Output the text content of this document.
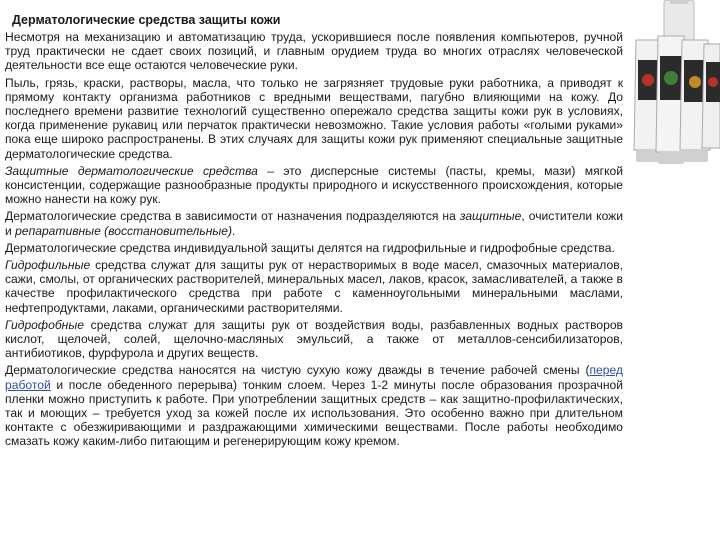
Дерматологические средства защиты кожи

Несмотря на механизацию и автоматизацию труда, ускорившиеся после появления компьютеров, ручной труд практически не сдает своих позиций, и главным орудием труда во многих отраслях человеческой деятельности все еще остаются человеческие руки.

Пыль, грязь, краски, растворы, масла, что только не загрязняет трудовые руки работника, а приводят к прямому контакту организма работников с вредными веществами, пагубно влияющими на кожу. До последнего времени развитие технологий существенно опережало средства защиты кожи рук в условиях, когда применение рукавиц или перчаток практически невозможно. Такие условия работы «голыми руками» пока еще широко распространены. В этих случаях для защиты кожи рук применяют специальные защитные дерматологические средства.

Защитные дерматологические средства – это дисперсные системы (пасты, кремы, мази) мягкой консистенции, содержащие разнообразные продукты природного и искусственного происхождения, которые можно нанести на кожу рук.

Дерматологические средства в зависимости от назначения подразделяются на защитные, очистители кожи и репаративные (восстановительные).

Дерматологические средства индивидуальной защиты делятся на гидрофильные и гидрофобные средства.

Гидрофильные средства служат для защиты рук от нерастворимых в воде масел, смазочных материалов, сажи, смолы, от органических растворителей, минеральных масел, лаков, красок, замасливателей, а также в качестве профилактического средства при работе с каменноугольными минеральными маслами, нефтепродуктами, лаками, органическими растворителями.

Гидрофобные средства служат для защиты рук от воздействия воды, разбавленных водных растворов кислот, щелочей, солей, щелочно-масляных эмульсий, а также от металлов-сенсибилизаторов, антибиотиков, фурфурола и других веществ.

Дерматологические средства наносятся на чистую сухую кожу дважды в течение рабочей смены (перед работой и после обеденного перерыва) тонким слоем. Через 1-2 минуты после образования прозрачной пленки можно приступить к работе. При употреблении защитных средств – как защитно-профилактических, так и моющих – требуется уход за кожей после их использования. Это особенно важно при длительном контакте с обезжиривающими и раздражающими химическими веществами. После работы необходимо смазать кожу каким-либо питающим и регенерирующим кожу кремом.
